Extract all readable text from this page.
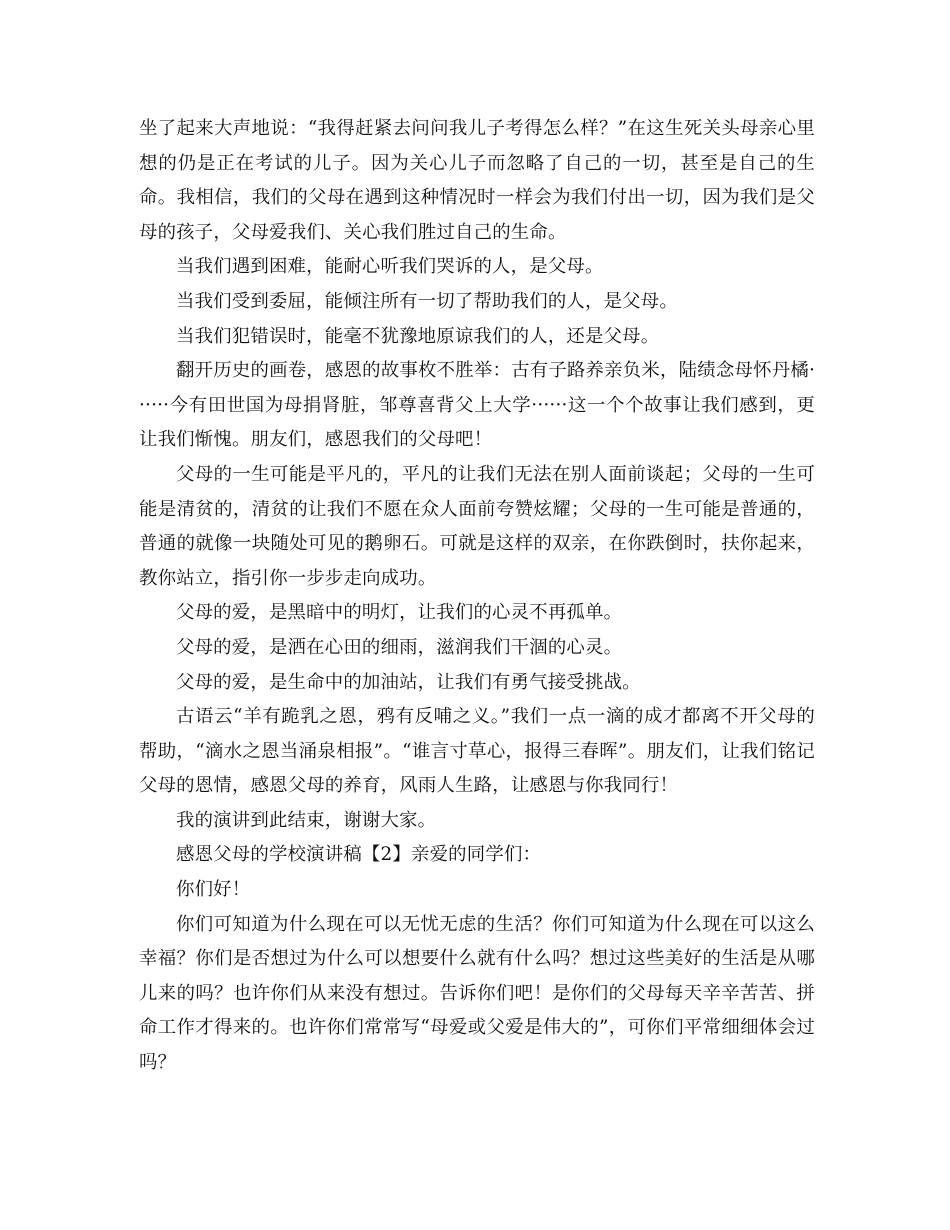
坐了起来大声地说：“我得赶紧去问问我儿子考得怎么样？”在这生死关头母亲心里想的仍是正在考试的儿子。因为关心儿子而忽略了自己的一切，甚至是自己的生命。我相信，我们的父母在遇到这种情况时一样会为我们付出一切，因为我们是父母的孩子，父母爱我们、关心我们胜过自己的生命。

当我们遇到困难，能耐心听我们哭诉的人，是父母。

当我们受到委屈，能倾注所有一切了帮助我们的人，是父母。

当我们犯错误时，能毫不犹豫地原谅我们的人，还是父母。

翻开历史的画卷，感恩的故事枚不胜举：古有子路养亲负米，陆绩念母怀丹橘······今有田世国为母捐肾脏，邹尊喜背父上大学······这一个个故事让我们感到，更让我们惭愧。朋友们，感恩我们的父母吧！

父母的一生可能是平凡的，平凡的让我们无法在别人面前谈起；父母的一生可能是清贫的，清贫的让我们不愿在众人面前夸赞炫耀；父母的一生可能是普通的，普通的就像一块随处可见的鹅卵石。可就是这样的双亲，在你跌倒时，扶你起来，教你站立，指引你一步步走向成功。

父母的爱，是黑暗中的明灯，让我们的心灵不再孤单。

父母的爱，是洒在心田的细雨，滋润我们干涸的心灵。

父母的爱，是生命中的加油站，让我们有勇气接受挑战。

古语云“羊有跪乳之恩，鸦有反哺之义。”我们一点一滴的成才都离不开父母的帮助，“滴水之恩当涌泉相报”。“谁言寸草心，报得三春晖”。朋友们，让我们铭记父母的恩情，感恩父母的养育，风雨人生路，让感恩与你我同行！

我的演讲到此结束，谢谢大家。

感恩父母的学校演讲稿【2】亲爱的同学们：

你们好！

你们可知道为什么现在可以无忧无虑的生活？你们可知道为什么现在可以这么幸福？你们是否想过为什么可以想要什么就有什么吗？想过这些美好的生活是从哪儿来的吗？也许你们从来没有想过。告诉你们吧！是你们的父母每天辛辛苦苦、拼命工作才得来的。也许你们常常写“母爱或父爱是伟大的”，可你们平常细细体会过吗？
